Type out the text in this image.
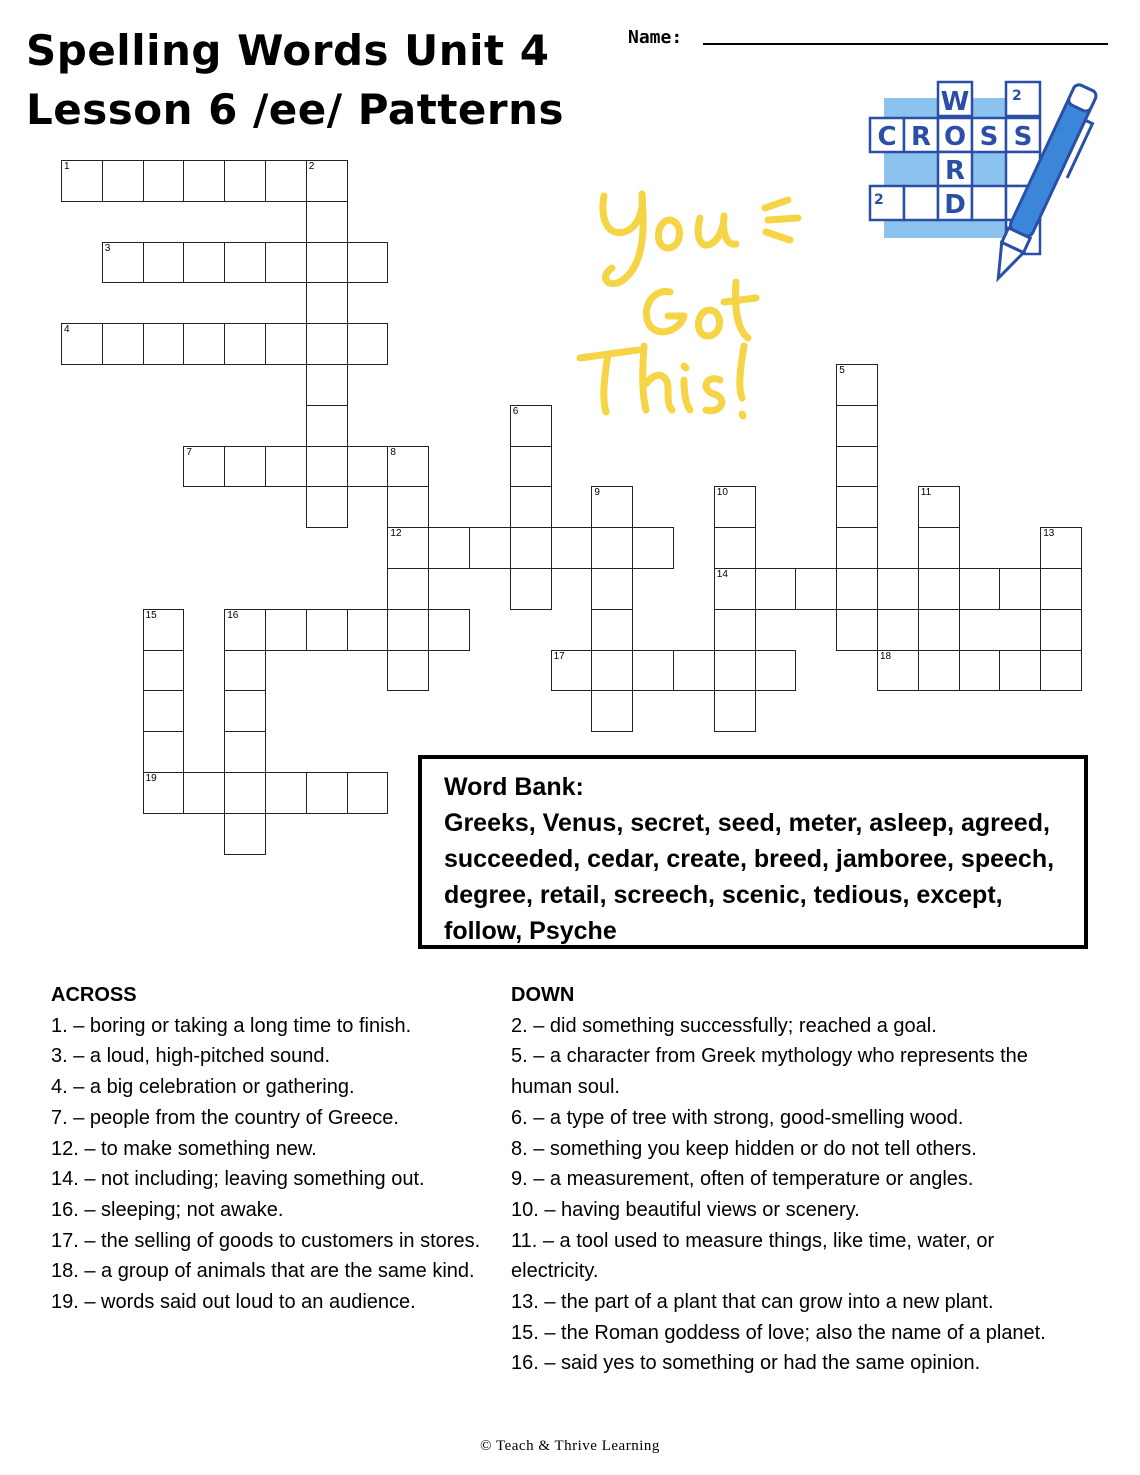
Spelling Words Unit 4
Lesson 6 /ee/ Patterns
Name:
1	2
3
4
5
6
7	8
9	10	11
12	13
14
15	16
17	18
19
W
C R O S S
R
D
2
2
Word Bank:
Greeks, Venus, secret, seed, meter, asleep, agreed, succeeded, cedar, create, breed, jamboree, speech, degree, retail, screech, scenic, tedious, except, follow, Psyche
ACROSS
1. – boring or taking a long time to finish.
3. – a loud, high-pitched sound.
4. – a big celebration or gathering.
7. – people from the country of Greece.
12. – to make something new.
14. – not including; leaving something out.
16. – sleeping; not awake.
17. – the selling of goods to customers in stores.
18. – a group of animals that are the same kind.
19. – words said out loud to an audience.
DOWN
2. – did something successfully; reached a goal.
5. – a character from Greek mythology who represents the human soul.
6. – a type of tree with strong, good-smelling wood.
8. – something you keep hidden or do not tell others.
9. – a measurement, often of temperature or angles.
10. – having beautiful views or scenery.
11. – a tool used to measure things, like time, water, or electricity.
13. – the part of a plant that can grow into a new plant.
15. – the Roman goddess of love; also the name of a planet.
16. – said yes to something or had the same opinion.
© Teach & Thrive Learning
